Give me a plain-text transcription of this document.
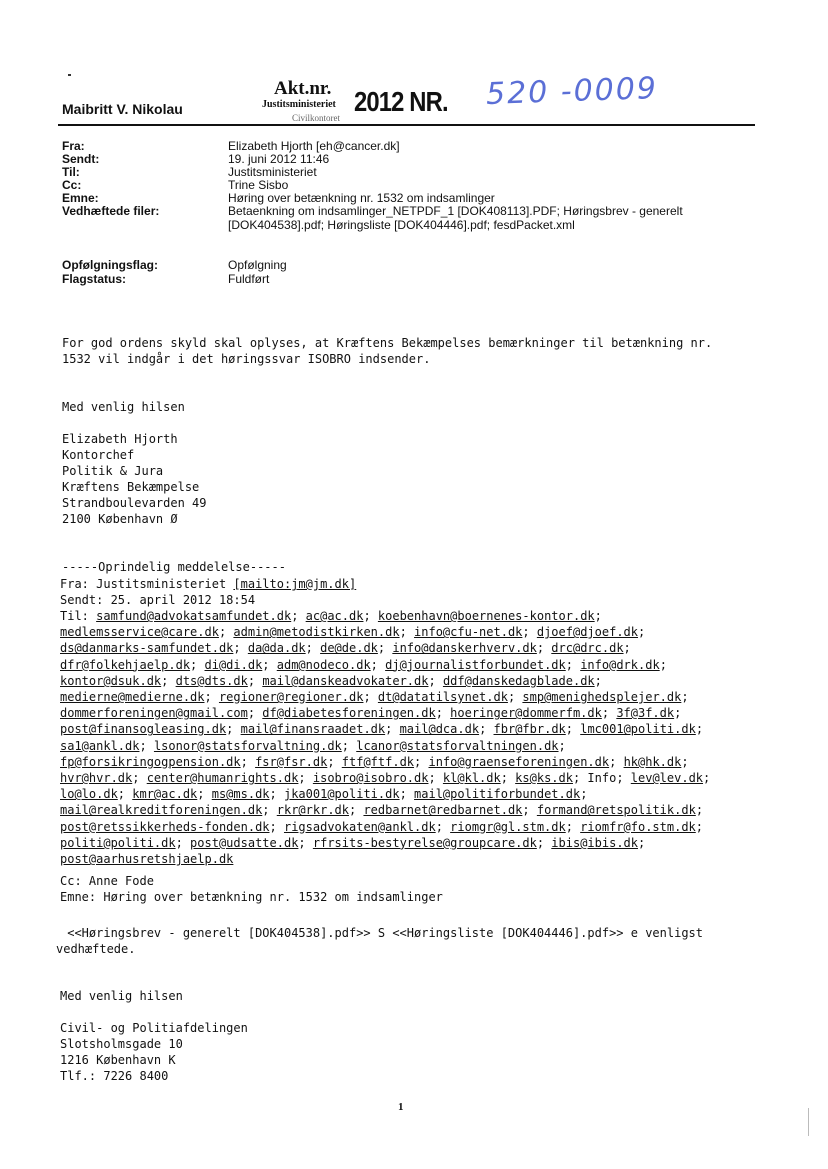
Maibritt V. Nikolau
Akt.nr.
Justitsministeriet
Civilkontoret
2012 NR. 520 -0009
Fra:	Elizabeth Hjorth [eh@cancer.dk]
Sendt:	19. juni 2012 11:46
Til:	Justitsministeriet
Cc:	Trine Sisbo
Emne:	Høring over betænkning nr. 1532 om indsamlinger
Vedhæftede filer:	Betaenkning om indsamlinger_NETPDF_1 [DOK408113].PDF; Høringsbrev - generelt [DOK404538].pdf; Høringsliste [DOK404446].pdf; fesdPacket.xml
Opfølgningsflag:	Opfølgning
Flagstatus:	Fuldført
For god ordens skyld skal oplyses, at Kræftens Bekæmpelses bemærkninger til betænkning nr.
1532 vil indgår i det høringssvar ISOBRO indsender.
Med venlig hilsen
Elizabeth Hjorth
Kontorchef
Politik & Jura
Kræftens Bekæmpelse
Strandboulevarden 49
2100 København Ø
-----Oprindelig meddelelse-----
Fra: Justitsministeriet [mailto:jm@jm.dk]
Sendt: 25. april 2012 18:54
Til: samfund@advokatsamfundet.dk; ac@ac.dk; koebenhavn@boernenes-kontor.dk;
medlemsservice@care.dk; admin@metodistkirken.dk; info@cfu-net.dk; djoef@djoef.dk;
ds@danmarks-samfundet.dk; da@da.dk; de@de.dk; info@danskerhverv.dk; drc@drc.dk;
dfr@folkehjaelp.dk; di@di.dk; adm@nodeco.dk; dj@journalistforbundet.dk; info@drk.dk;
kontor@dsuk.dk; dts@dts.dk; mail@danskeadvokater.dk; ddf@danskedagblade.dk;
medierne@medierne.dk; regioner@regioner.dk; dt@datatilsynet.dk; smp@menighedsplejer.dk;
dommerforeningen@gmail.com; df@diabetesforeningen.dk; hoeringer@dommerfm.dk; 3f@3f.dk;
post@finansogleasing.dk; mail@finansraadet.dk; mail@dca.dk; fbr@fbr.dk; lmc001@politi.dk;
sa1@ankl.dk; lsonor@statsforvaltning.dk; lcanor@statsforvaltningen.dk;
fp@forsikringogpension.dk; fsr@fsr.dk; ftf@ftf.dk; info@graenseforeningen.dk; hk@hk.dk;
hvr@hvr.dk; center@humanrights.dk; isobro@isobro.dk; kl@kl.dk; ks@ks.dk; Info; lev@lev.dk;
lo@lo.dk; kmr@ac.dk; ms@ms.dk; jka001@politi.dk; mail@politiforbundet.dk;
mail@realkreditforeningen.dk; rkr@rkr.dk; redbarnet@redbarnet.dk; formand@retspolitik.dk;
post@retssikkerheds-fonden.dk; rigsadvokaten@ankl.dk; riomgr@gl.stm.dk; riomfr@fo.stm.dk;
politi@politi.dk; post@udsatte.dk; rfrsits-bestyrelse@groupcare.dk; ibis@ibis.dk;
post@aarhusretshjaelp.dk
Cc: Anne Fode
Emne: Høring over betænkning nr. 1532 om indsamlinger
<<Høringsbrev - generelt [DOK404538].pdf>> S <<Høringsliste [DOK404446].pdf>> e venligst
vedhæftede.
Med venlig hilsen
Civil- og Politiafdelingen
Slotsholmsgade 10
1216 København K
Tlf.: 7226 8400
1
